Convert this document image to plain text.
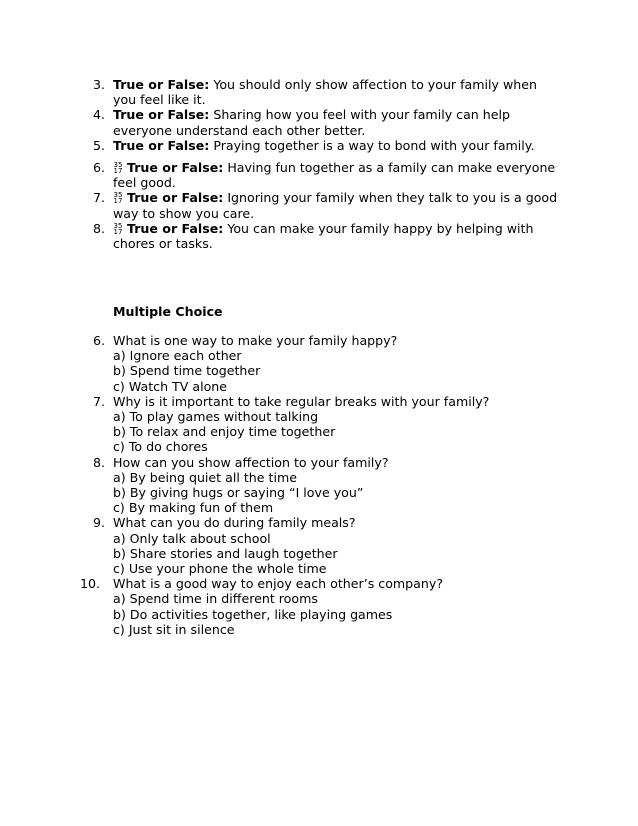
3. True or False: You should only show affection to your family when you feel like it.
4. True or False: Sharing how you feel with your family can help everyone understand each other better.
5. True or False: Praying together is a way to bond with your family.
6. 35
17 True or False: Having fun together as a family can make everyone feel good.
7. 35
17 True or False: Ignoring your family when they talk to you is a good way to show you care.
8. 35
17 True or False: You can make your family happy by helping with chores or tasks.
Multiple Choice
6. What is one way to make your family happy?
a) Ignore each other
b) Spend time together
c) Watch TV alone
7. Why is it important to take regular breaks with your family?
a) To play games without talking
b) To relax and enjoy time together
c) To do chores
8. How can you show affection to your family?
a) By being quiet all the time
b) By giving hugs or saying “I love you”
c) By making fun of them
9. What can you do during family meals?
a) Only talk about school
b) Share stories and laugh together
c) Use your phone the whole time
10. What is a good way to enjoy each other’s company?
a) Spend time in different rooms
b) Do activities together, like playing games
c) Just sit in silence
